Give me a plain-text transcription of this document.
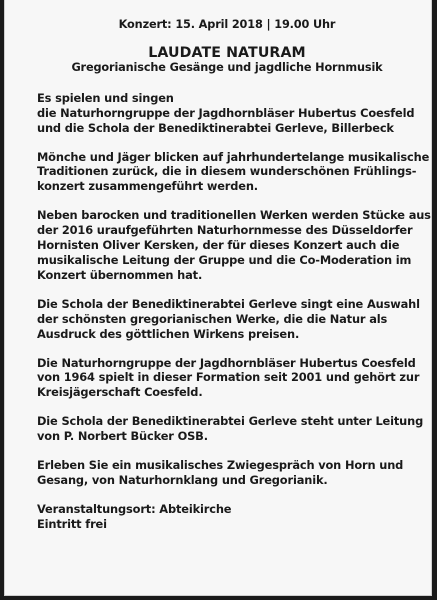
Konzert: 15. April 2018 | 19.00 Uhr
LAUDATE NATURAM
Gregorianische Gesänge und jagdliche Hornmusik
Es spielen und singen
die Naturhorngruppe der Jagdhornbläser Hubertus Coesfeld
und die Schola der Benediktinerabtei Gerleve, Billerbeck
Mönche und Jäger blicken auf jahrhundertelange musikalische
Traditionen zurück, die in diesem wunderschönen Frühlings-
konzert zusammengeführt werden.
Neben barocken und traditionellen Werken werden Stücke aus
der 2016 uraufgeführten Naturhornmesse des Düsseldorfer
Hornisten Oliver Kersken, der für dieses Konzert auch die
musikalische Leitung der Gruppe und die Co-Moderation im
Konzert übernommen hat.
Die Schola der Benediktinerabtei Gerleve singt eine Auswahl
der schönsten gregorianischen Werke, die die Natur als
Ausdruck des göttlichen Wirkens preisen.
Die Naturhorngruppe der Jagdhornbläser Hubertus Coesfeld
von 1964 spielt in dieser Formation seit 2001 und gehört zur
Kreisjägerschaft Coesfeld.
Die Schola der Benediktinerabtei Gerleve steht unter Leitung
von P. Norbert Bücker OSB.
Erleben Sie ein musikalisches Zwiegespräch von Horn und
Gesang, von Naturhornklang und Gregorianik.
Veranstaltungsort: Abteikirche
Eintritt frei
